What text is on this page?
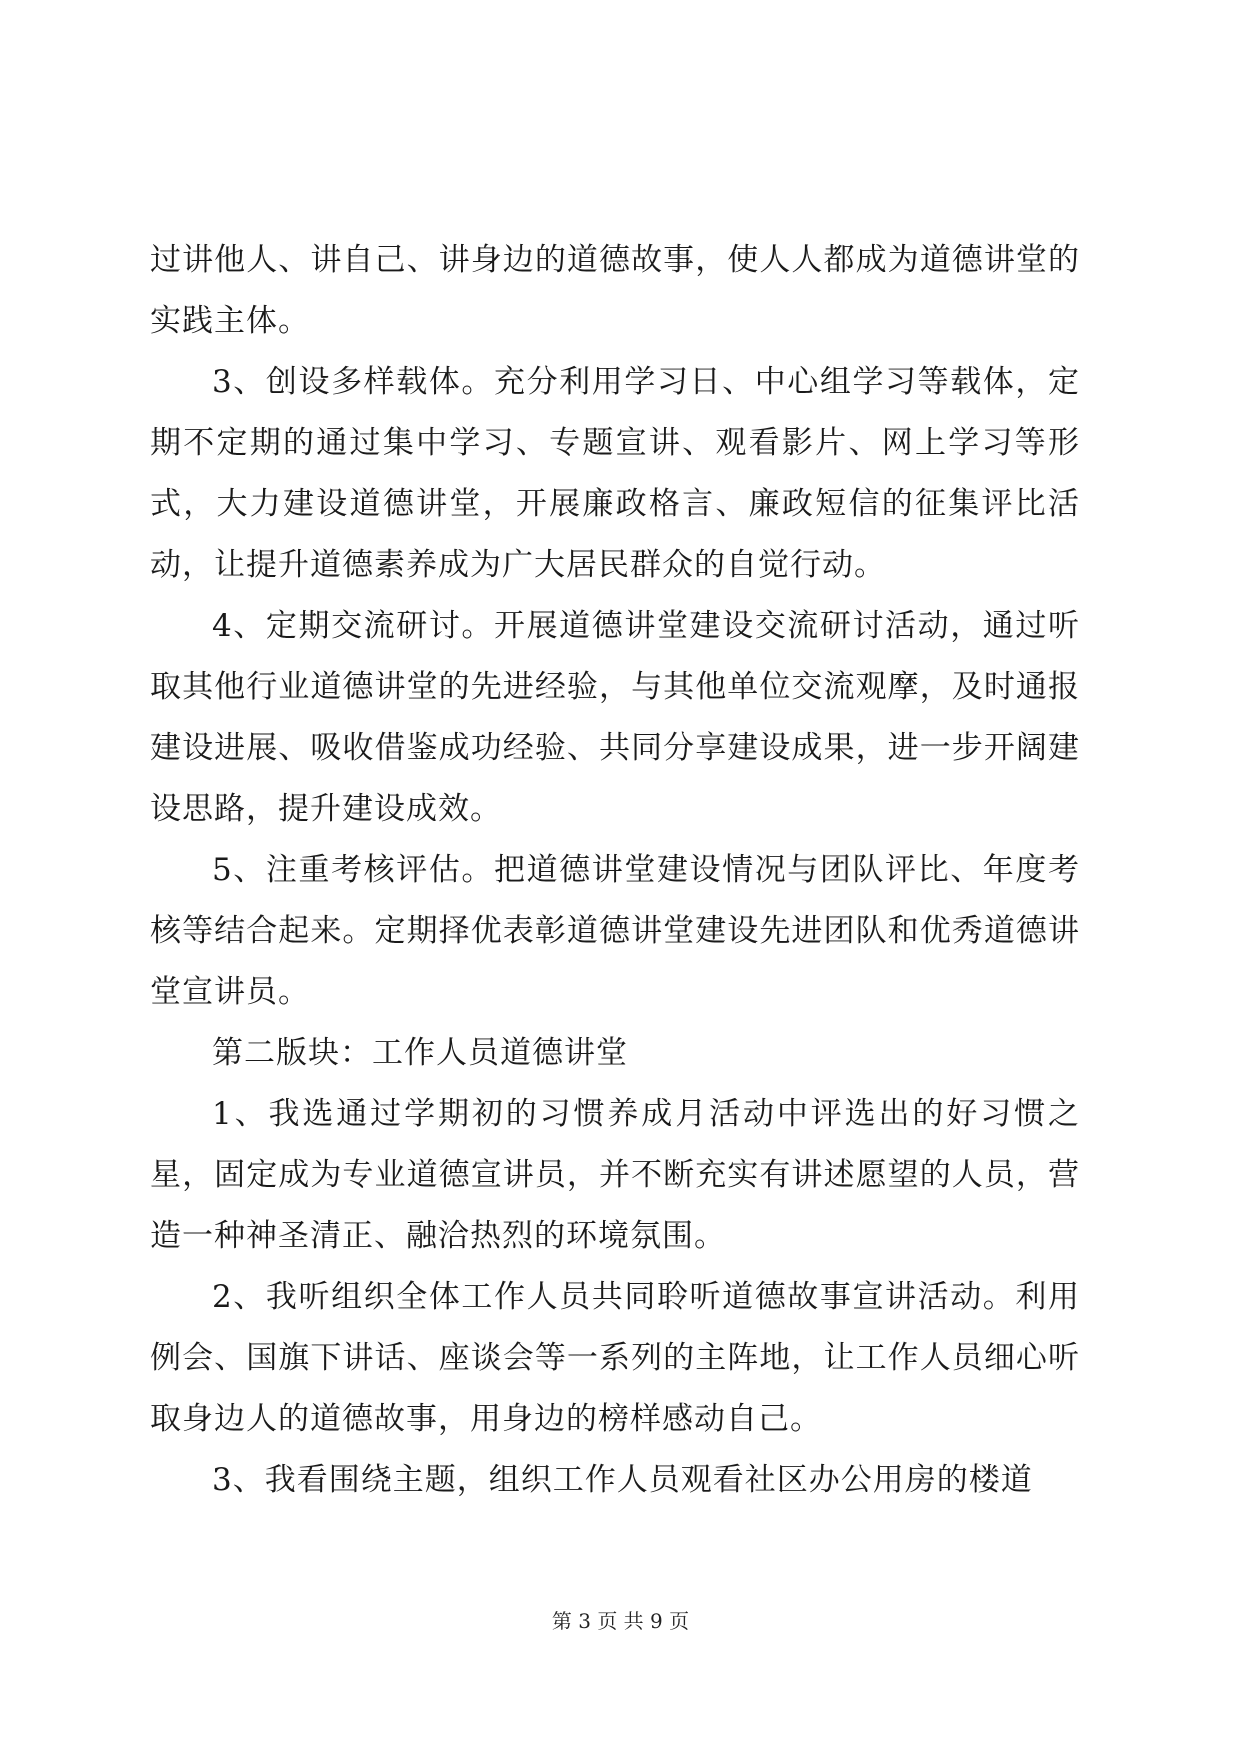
过讲他人、讲自己、讲身边的道德故事，使人人都成为道德讲堂的实践主体。

3、创设多样载体。充分利用学习日、中心组学习等载体，定期不定期的通过集中学习、专题宣讲、观看影片、网上学习等形式，大力建设道德讲堂，开展廉政格言、廉政短信的征集评比活动，让提升道德素养成为广大居民群众的自觉行动。

4、定期交流研讨。开展道德讲堂建设交流研讨活动，通过听取其他行业道德讲堂的先进经验，与其他单位交流观摩，及时通报建设进展、吸收借鉴成功经验、共同分享建设成果，进一步开阔建设思路，提升建设成效。

5、注重考核评估。把道德讲堂建设情况与团队评比、年度考核等结合起来。定期择优表彰道德讲堂建设先进团队和优秀道德讲堂宣讲员。

第二版块：工作人员道德讲堂

1、我选通过学期初的习惯养成月活动中评选出的好习惯之星，固定成为专业道德宣讲员，并不断充实有讲述愿望的人员，营造一种神圣清正、融洽热烈的环境氛围。

2、我听组织全体工作人员共同聆听道德故事宣讲活动。利用例会、国旗下讲话、座谈会等一系列的主阵地，让工作人员细心听取身边人的道德故事，用身边的榜样感动自己。

3、我看围绕主题，组织工作人员观看社区办公用房的楼道

第 3 页 共 9 页
